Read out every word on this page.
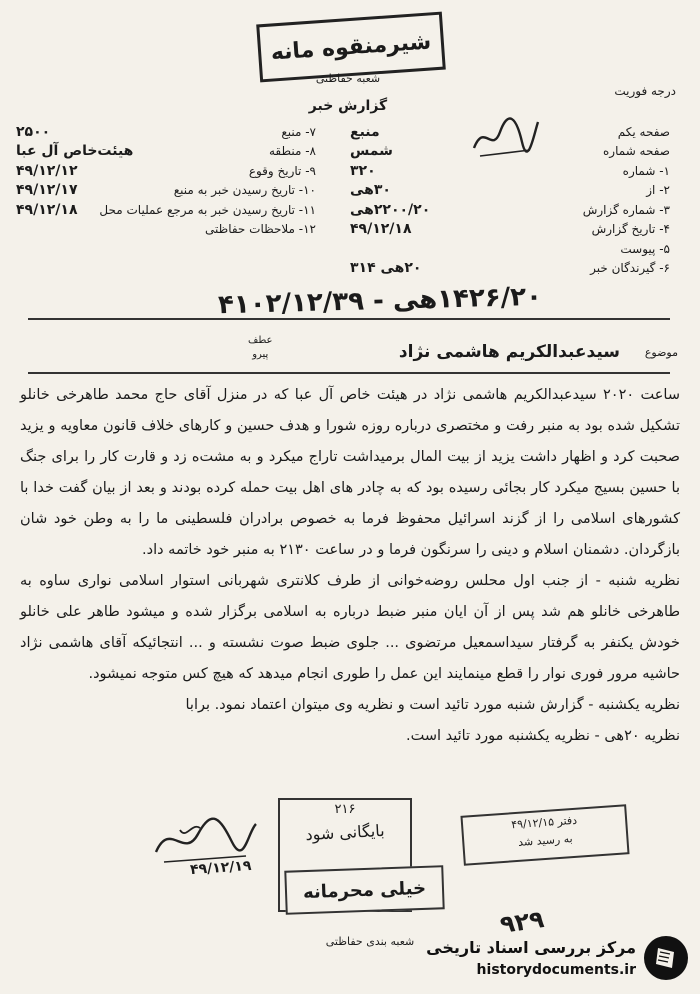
شیرمنقوه مانه
شعبه حفاظتی
گزارش خبر
درجه فوریت
صفحه یکم
منبع
صفحه شماره
شمس
۱- شماره
۳۲۰
۲- از
۳۰هی
۳- شماره گزارش
۲۲۰۰/۲۰هی
۴- تاریخ گزارش
۴۹/۱۲/۱۸
۵- پیوست
۶- گیرندگان خبر
۲۰هی ۳۱۴
۷- منبع
۲۵۰۰
۸- منطقه
هیئت‌خاص آل عبا
۹- تاریخ وقوع
۴۹/۱۲/۱۲
۱۰- تاریخ رسیدن خبر به منبع
۴۹/۱۲/۱۷
۱۱- تاریخ رسیدن خبر به مرجع عملیات محل
۴۹/۱۲/۱۸
۱۲- ملاحظات حفاظتی
۱۴۲۶/۲۰هی - ۴۱۰۲/۱۲/۳۹
عطف
پیرو	موضوع
سیدعبدالکریم هاشمی نژاد

ساعت ۲۰۲۰ سیدعبدالکریم هاشمی نژاد در هیئت خاص آل عبا که در منزل آقای حاج محمد طاهرخی خانلو تشکیل شده بود به منبر رفت و مختصری درباره روزه شورا و هدف حسین و کارهای خلاف قانون معاویه و یزید صحبت کرد و اظهار داشت یزید از بیت المال برمیداشت تاراج میکرد و به مشت‌ه زد و قارت کار را برای جنگ با حسین بسیج میکرد کار بجائی رسیده بود که به چادر های اهل بیت حمله کرده بودند و بعد از بیان گفت خدا با کشورهای اسلامی را از گزند اسرائیل محفوظ فرما به خصوص برادران فلسطینی ما را به وطن خود شان بازگردان. دشمنان اسلام و دینی را سرنگون فرما و در ساعت ۲۱۳۰ به منبر خود خاتمه داد.

نظریه شنبه - از جنب اول محلس روضه‌خوانی از طرف کلانتری شهربانی استوار اسلامی نواری ساوه به طاهرخی خانلو هم شد پس از آن ایان منبر ضبط درباره به اسلامی برگزار شده و میشود طاهر علی خانلو خودش یکنفر به گرفتار سیداسمعیل مرتضوی ... جلوی ضبط صوت نشسته و ... انتجائیکه آقای هاشمی نژاد حاشیه مرور فوری نوار را قطع مینمایند این عمل را طوری انجام میدهد که هیچ کس متوجه نمیشود.

نظریه یکشنبه - گزارش شنبه مورد تائید است و نظریه وی میتوان اعتماد نمود. برابا

نظریه ۲۰هی - نظریه یکشنبه مورد تائید است.

۴۹/۱۲/۱۹
۲۱۶
بایگانی شود
خیلی محرمانه
دفتر ۴۹/۱۲/۱۵
به رسید شد
۹۲۹
شعبه بندی حفاظتی مرکز بررسی اسناد تاریخی
historydocuments.ir
